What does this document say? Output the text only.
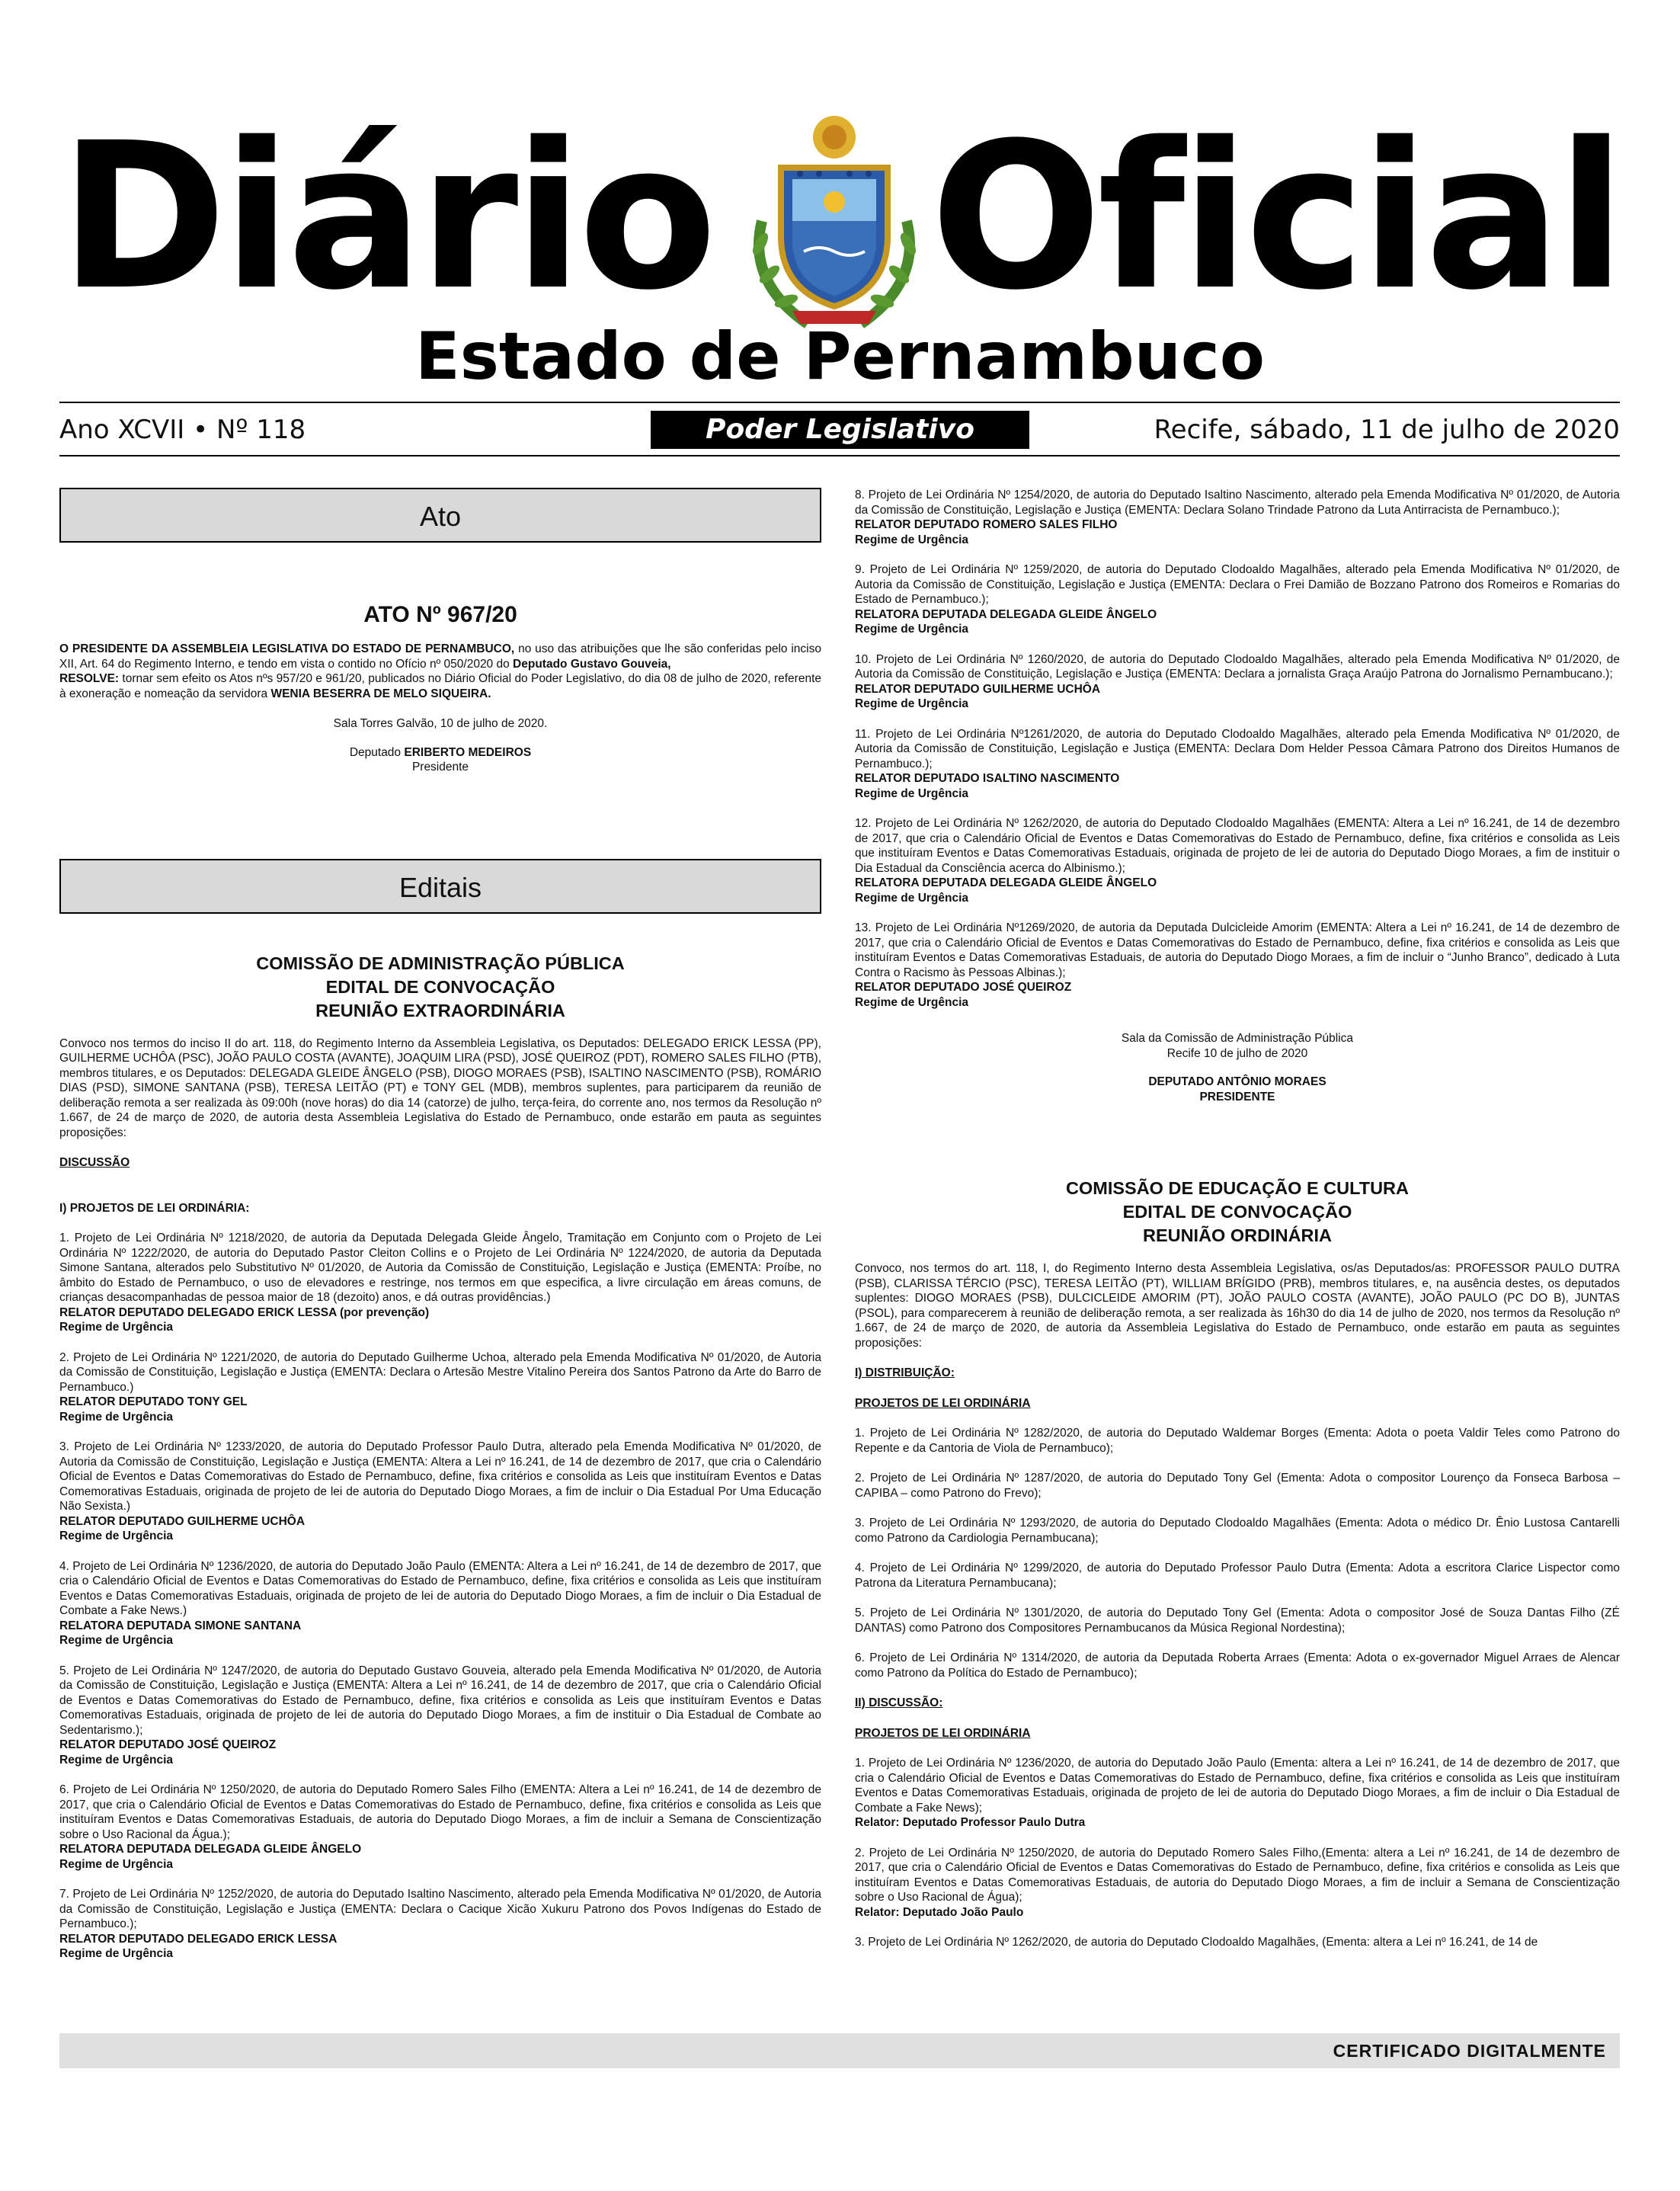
Diário Oficial
Estado de Pernambuco
Ano XCVII • Nº 118	Poder Legislativo	Recife, sábado, 11 de julho de 2020
Ato
ATO Nº 967/20

O PRESIDENTE DA ASSEMBLEIA LEGISLATIVA DO ESTADO DE PERNAMBUCO, no uso das atribuições que lhe são conferidas pelo inciso XII, Art. 64 do Regimento Interno, e tendo em vista o contido no Ofício nº 050/2020 do Deputado Gustavo Gouveia,
RESOLVE: tornar sem efeito os Atos nºs 957/20 e 961/20, publicados no Diário Oficial do Poder Legislativo, do dia 08 de julho de 2020, referente à exoneração e nomeação da servidora WENIA BESERRA DE MELO SIQUEIRA.

Sala Torres Galvão, 10 de julho de 2020.

Deputado ERIBERTO MEDEIROS

Presidente

Editais
COMISSÃO DE ADMINISTRAÇÃO PÚBLICA
EDITAL DE CONVOCAÇÃO
REUNIÃO EXTRAORDINÁRIA

Convoco nos termos do inciso II do art. 118, do Regimento Interno da Assembleia Legislativa, os Deputados: DELEGADO ERICK LESSA (PP), GUILHERME UCHÔA (PSC), JOÃO PAULO COSTA (AVANTE), JOAQUIM LIRA (PSD), JOSÉ QUEIROZ (PDT), ROMERO SALES FILHO (PTB), membros titulares, e os Deputados: DELEGADA GLEIDE ÂNGELO (PSB), DIOGO MORAES (PSB), ISALTINO NASCIMENTO (PSB), ROMÁRIO DIAS (PSD), SIMONE SANTANA (PSB), TERESA LEITÃO (PT) e TONY GEL (MDB), membros suplentes, para participarem da reunião de deliberação remota a ser realizada às 09:00h (nove horas) do dia 14 (catorze) de julho, terça-feira, do corrente ano, nos termos da Resolução nº 1.667, de 24 de março de 2020, de autoria desta Assembleia Legislativa do Estado de Pernambuco, onde estarão em pauta as seguintes proposições:

DISCUSSÃO

I) PROJETOS DE LEI ORDINÁRIA:

1. Projeto de Lei Ordinária Nº 1218/2020, de autoria da Deputada Delegada Gleide Ângelo, Tramitação em Conjunto com o Projeto de Lei Ordinária Nº 1222/2020, de autoria do Deputado Pastor Cleiton Collins e o Projeto de Lei Ordinária Nº 1224/2020, de autoria da Deputada Simone Santana, alterados pelo Substitutivo Nº 01/2020, de Autoria da Comissão de Constituição, Legislação e Justiça (EMENTA: Proíbe, no âmbito do Estado de Pernambuco, o uso de elevadores e restringe, nos termos em que especifica, a livre circulação em áreas comuns, de crianças desacompanhadas de pessoa maior de 18 (dezoito) anos, e dá outras providências.)

RELATOR DEPUTADO DELEGADO ERICK LESSA (por prevenção)

Regime de Urgência

2. Projeto de Lei Ordinária Nº 1221/2020, de autoria do Deputado Guilherme Uchoa, alterado pela Emenda Modificativa Nº 01/2020, de Autoria da Comissão de Constituição, Legislação e Justiça (EMENTA: Declara o Artesão Mestre Vitalino Pereira dos Santos Patrono da Arte do Barro de Pernambuco.)

RELATOR DEPUTADO TONY GEL

Regime de Urgência

3. Projeto de Lei Ordinária Nº 1233/2020, de autoria do Deputado Professor Paulo Dutra, alterado pela Emenda Modificativa Nº 01/2020, de Autoria da Comissão de Constituição, Legislação e Justiça (EMENTA: Altera a Lei nº 16.241, de 14 de dezembro de 2017, que cria o Calendário Oficial de Eventos e Datas Comemorativas do Estado de Pernambuco, define, fixa critérios e consolida as Leis que instituíram Eventos e Datas Comemorativas Estaduais, originada de projeto de lei de autoria do Deputado Diogo Moraes, a fim de incluir o Dia Estadual Por Uma Educação Não Sexista.)

RELATOR DEPUTADO GUILHERME UCHÔA

Regime de Urgência

4. Projeto de Lei Ordinária Nº 1236/2020, de autoria do Deputado João Paulo (EMENTA: Altera a Lei nº 16.241, de 14 de dezembro de 2017, que cria o Calendário Oficial de Eventos e Datas Comemorativas do Estado de Pernambuco, define, fixa critérios e consolida as Leis que instituíram Eventos e Datas Comemorativas Estaduais, originada de projeto de lei de autoria do Deputado Diogo Moraes, a fim de incluir o Dia Estadual de Combate a Fake News.)

RELATORA DEPUTADA SIMONE SANTANA

Regime de Urgência

5. Projeto de Lei Ordinária Nº 1247/2020, de autoria do Deputado Gustavo Gouveia, alterado pela Emenda Modificativa Nº 01/2020, de Autoria da Comissão de Constituição, Legislação e Justiça (EMENTA: Altera a Lei nº 16.241, de 14 de dezembro de 2017, que cria o Calendário Oficial de Eventos e Datas Comemorativas do Estado de Pernambuco, define, fixa critérios e consolida as Leis que instituíram Eventos e Datas Comemorativas Estaduais, originada de projeto de lei de autoria do Deputado Diogo Moraes, a fim de instituir o Dia Estadual de Combate ao Sedentarismo.);

RELATOR DEPUTADO JOSÉ QUEIROZ

Regime de Urgência

6. Projeto de Lei Ordinária Nº 1250/2020, de autoria do Deputado Romero Sales Filho (EMENTA: Altera a Lei nº 16.241, de 14 de dezembro de 2017, que cria o Calendário Oficial de Eventos e Datas Comemorativas do Estado de Pernambuco, define, fixa critérios e consolida as Leis que instituíram Eventos e Datas Comemorativas Estaduais, de autoria do Deputado Diogo Moraes, a fim de incluir a Semana de Conscientização sobre o Uso Racional da Água.);

RELATORA DEPUTADA DELEGADA GLEIDE ÂNGELO

Regime de Urgência

7. Projeto de Lei Ordinária Nº 1252/2020, de autoria do Deputado Isaltino Nascimento, alterado pela Emenda Modificativa Nº 01/2020, de Autoria da Comissão de Constituição, Legislação e Justiça (EMENTA: Declara o Cacique Xicão Xukuru Patrono dos Povos Indígenas do Estado de Pernambuco.);

RELATOR DEPUTADO DELEGADO ERICK LESSA

Regime de Urgência

8. Projeto de Lei Ordinária Nº 1254/2020, de autoria do Deputado Isaltino Nascimento, alterado pela Emenda Modificativa Nº 01/2020, de Autoria da Comissão de Constituição, Legislação e Justiça (EMENTA: Declara Solano Trindade Patrono da Luta Antirracista de Pernambuco.);

RELATOR DEPUTADO ROMERO SALES FILHO

Regime de Urgência

9. Projeto de Lei Ordinária Nº 1259/2020, de autoria do Deputado Clodoaldo Magalhães, alterado pela Emenda Modificativa Nº 01/2020, de Autoria da Comissão de Constituição, Legislação e Justiça (EMENTA: Declara o Frei Damião de Bozzano Patrono dos Romeiros e Romarias do Estado de Pernambuco.);

RELATORA DEPUTADA DELEGADA GLEIDE ÂNGELO

Regime de Urgência

10. Projeto de Lei Ordinária Nº 1260/2020, de autoria do Deputado Clodoaldo Magalhães, alterado pela Emenda Modificativa Nº 01/2020, de Autoria da Comissão de Constituição, Legislação e Justiça (EMENTA: Declara a jornalista Graça Araújo Patrona do Jornalismo Pernambucano.);

RELATOR DEPUTADO GUILHERME UCHÔA

Regime de Urgência

11. Projeto de Lei Ordinária Nº1261/2020, de autoria do Deputado Clodoaldo Magalhães, alterado pela Emenda Modificativa Nº 01/2020, de Autoria da Comissão de Constituição, Legislação e Justiça (EMENTA: Declara Dom Helder Pessoa Câmara Patrono dos Direitos Humanos de Pernambuco.);

RELATOR DEPUTADO ISALTINO NASCIMENTO

Regime de Urgência

12. Projeto de Lei Ordinária Nº 1262/2020, de autoria do Deputado Clodoaldo Magalhães (EMENTA: Altera a Lei nº 16.241, de 14 de dezembro de 2017, que cria o Calendário Oficial de Eventos e Datas Comemorativas do Estado de Pernambuco, define, fixa critérios e consolida as Leis que instituíram Eventos e Datas Comemorativas Estaduais, originada de projeto de lei de autoria do Deputado Diogo Moraes, a fim de instituir o Dia Estadual da Consciência acerca do Albinismo.);

RELATORA DEPUTADA DELEGADA GLEIDE ÂNGELO

Regime de Urgência

13. Projeto de Lei Ordinária Nº1269/2020, de autoria da Deputada Dulcicleide Amorim (EMENTA: Altera a Lei nº 16.241, de 14 de dezembro de 2017, que cria o Calendário Oficial de Eventos e Datas Comemorativas do Estado de Pernambuco, define, fixa critérios e consolida as Leis que instituíram Eventos e Datas Comemorativas Estaduais, de autoria do Deputado Diogo Moraes, a fim de incluir o “Junho Branco”, dedicado à Luta Contra o Racismo às Pessoas Albinas.);

RELATOR DEPUTADO JOSÉ QUEIROZ

Regime de Urgência

Sala da Comissão de Administração Pública

Recife 10 de julho de 2020

DEPUTADO ANTÔNIO MORAES

PRESIDENTE

COMISSÃO DE EDUCAÇÃO E CULTURA
EDITAL DE CONVOCAÇÃO
REUNIÃO ORDINÁRIA

Convoco, nos termos do art. 118, I, do Regimento Interno desta Assembleia Legislativa, os/as Deputados/as: PROFESSOR PAULO DUTRA (PSB), CLARISSA TÉRCIO (PSC), TERESA LEITÃO (PT), WILLIAM BRÍGIDO (PRB), membros titulares, e, na ausência destes, os deputados suplentes: DIOGO MORAES (PSB), DULCICLEIDE AMORIM (PT), JOÃO PAULO COSTA (AVANTE), JOÃO PAULO (PC DO B), JUNTAS (PSOL), para comparecerem à reunião de deliberação remota, a ser realizada às 16h30 do dia 14 de julho de 2020, nos termos da Resolução nº 1.667, de 24 de março de 2020, de autoria da Assembleia Legislativa do Estado de Pernambuco, onde estarão em pauta as seguintes proposições:

I) DISTRIBUIÇÃO:

PROJETOS DE LEI ORDINÁRIA

1. Projeto de Lei Ordinária Nº 1282/2020, de autoria do Deputado Waldemar Borges (Ementa: Adota o poeta Valdir Teles como Patrono do Repente e da Cantoria de Viola de Pernambuco);

2. Projeto de Lei Ordinária Nº 1287/2020, de autoria do Deputado Tony Gel (Ementa: Adota o compositor Lourenço da Fonseca Barbosa – CAPIBA – como Patrono do Frevo);

3. Projeto de Lei Ordinária Nº 1293/2020, de autoria do Deputado Clodoaldo Magalhães (Ementa: Adota o médico Dr. Ênio Lustosa Cantarelli como Patrono da Cardiologia Pernambucana);

4. Projeto de Lei Ordinária Nº 1299/2020, de autoria do Deputado Professor Paulo Dutra (Ementa: Adota a escritora Clarice Lispector como Patrona da Literatura Pernambucana);

5. Projeto de Lei Ordinária Nº 1301/2020, de autoria do Deputado Tony Gel (Ementa: Adota o compositor José de Souza Dantas Filho (ZÉ DANTAS) como Patrono dos Compositores Pernambucanos da Música Regional Nordestina);

6. Projeto de Lei Ordinária Nº 1314/2020, de autoria da Deputada Roberta Arraes (Ementa: Adota o ex-governador Miguel Arraes de Alencar como Patrono da Política do Estado de Pernambuco);

II) DISCUSSÃO:

PROJETOS DE LEI ORDINÁRIA

1. Projeto de Lei Ordinária Nº 1236/2020, de autoria do Deputado João Paulo (Ementa: altera a Lei nº 16.241, de 14 de dezembro de 2017, que cria o Calendário Oficial de Eventos e Datas Comemorativas do Estado de Pernambuco, define, fixa critérios e consolida as Leis que instituíram Eventos e Datas Comemorativas Estaduais, originada de projeto de lei de autoria do Deputado Diogo Moraes, a fim de incluir o Dia Estadual de Combate a Fake News);

Relator: Deputado Professor Paulo Dutra

2. Projeto de Lei Ordinária Nº 1250/2020, de autoria do Deputado Romero Sales Filho,(Ementa: altera a Lei nº 16.241, de 14 de dezembro de 2017, que cria o Calendário Oficial de Eventos e Datas Comemorativas do Estado de Pernambuco, define, fixa critérios e consolida as Leis que instituíram Eventos e Datas Comemorativas Estaduais, de autoria do Deputado Diogo Moraes, a fim de incluir a Semana de Conscientização sobre o Uso Racional de Água);

Relator: Deputado João Paulo

3. Projeto de Lei Ordinária Nº 1262/2020, de autoria do Deputado Clodoaldo Magalhães, (Ementa: altera a Lei nº 16.241, de 14 de

CERTIFICADO DIGITALMENTE
